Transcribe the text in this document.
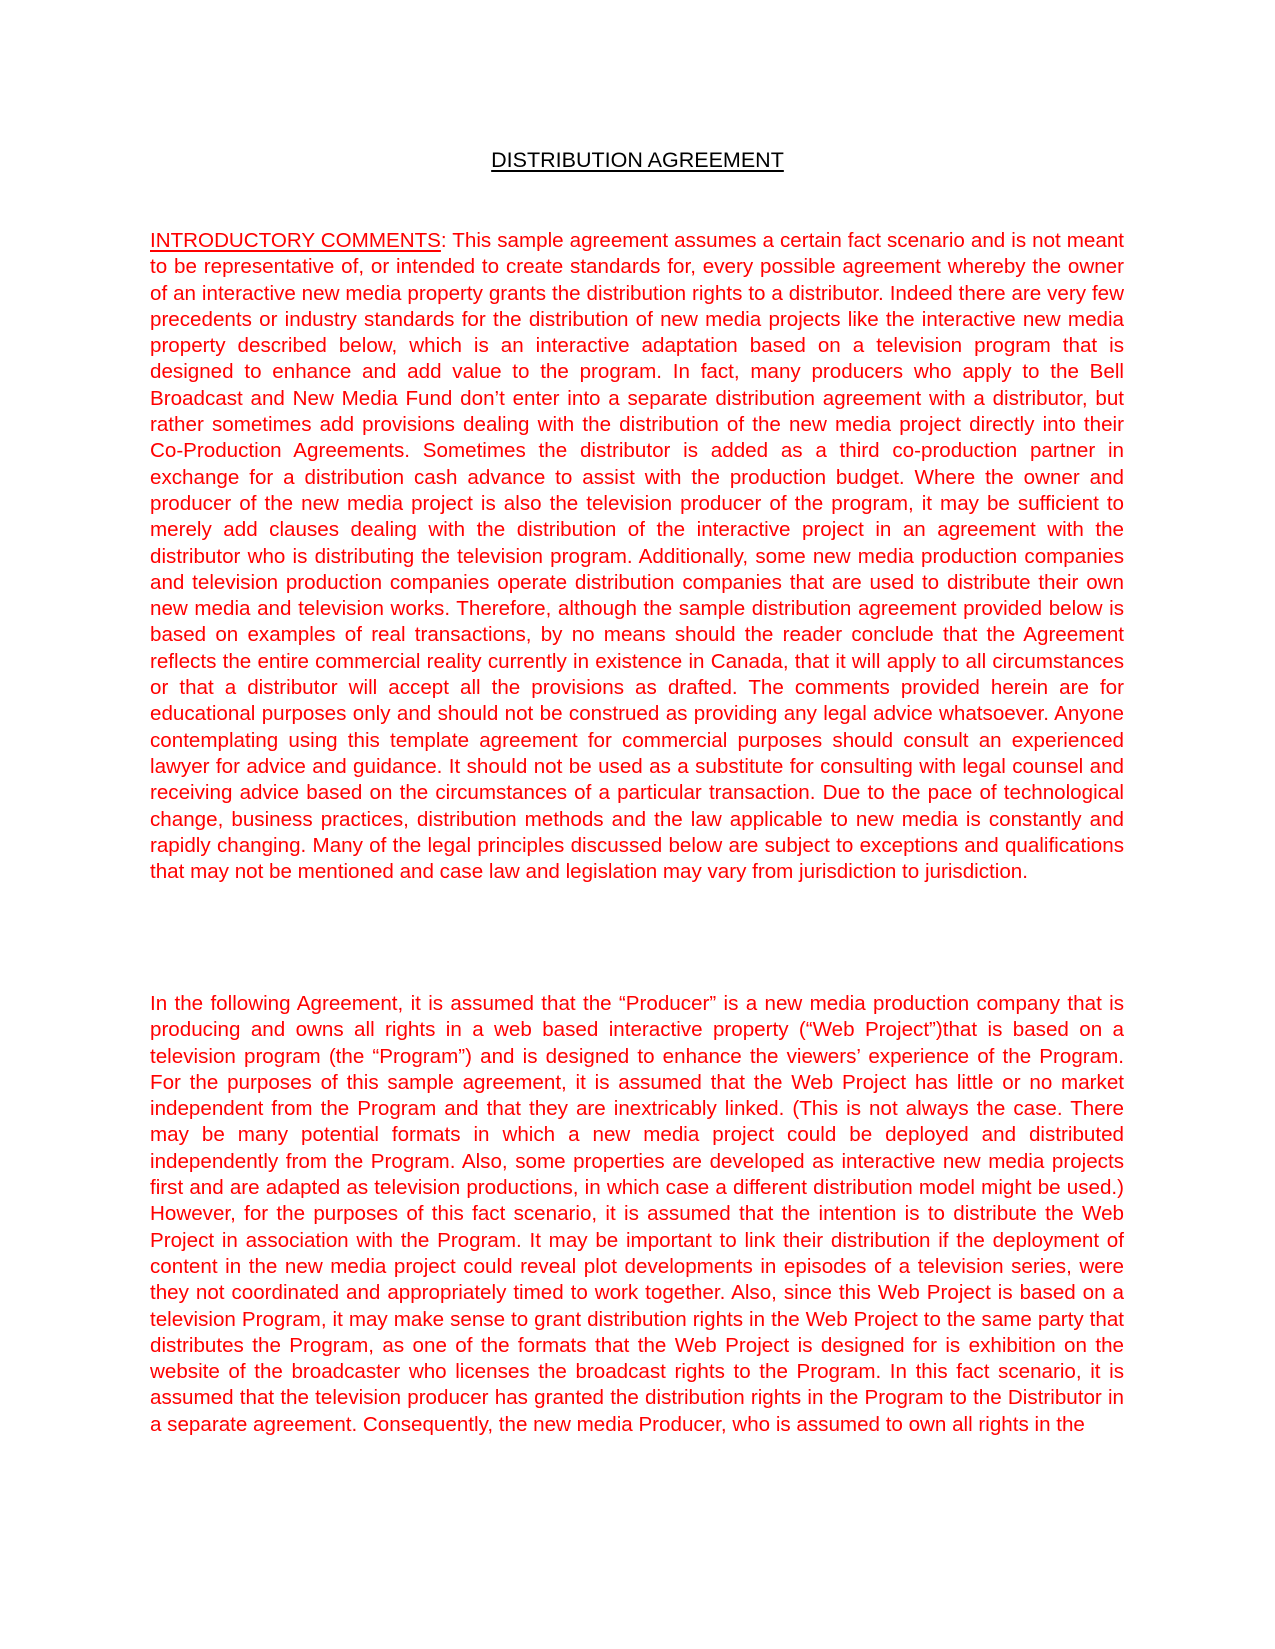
DISTRIBUTION AGREEMENT

INTRODUCTORY COMMENTS: This sample agreement assumes a certain fact scenario and is not meant to be representative of, or intended to create standards for, every possible agreement whereby the owner of an interactive new media property grants the distribution rights to a distributor. Indeed there are very few precedents or industry standards for the distribution of new media projects like the interactive new media property described below, which is an interactive adaptation based on a television program that is designed to enhance and add value to the program. In fact, many producers who apply to the Bell Broadcast and New Media Fund don’t enter into a separate distribution agreement with a distributor, but rather sometimes add provisions dealing with the distribution of the new media project directly into their Co-Production Agreements. Sometimes the distributor is added as a third co-production partner in exchange for a distribution cash advance to assist with the production budget. Where the owner and producer of the new media project is also the television producer of the program, it may be sufficient to merely add clauses dealing with the distribution of the interactive project in an agreement with the distributor who is distributing the television program. Additionally, some new media production companies and television production companies operate distribution companies that are used to distribute their own new media and television works. Therefore, although the sample distribution agreement provided below is based on examples of real transactions, by no means should the reader conclude that the Agreement reflects the entire commercial reality currently in existence in Canada, that it will apply to all circumstances or that a distributor will accept all the provisions as drafted. The comments provided herein are for educational purposes only and should not be construed as providing any legal advice whatsoever. Anyone contemplating using this template agreement for commercial purposes should consult an experienced lawyer for advice and guidance. It should not be used as a substitute for consulting with legal counsel and receiving advice based on the circumstances of a particular transaction. Due to the pace of technological change, business practices, distribution methods and the law applicable to new media is constantly and rapidly changing. Many of the legal principles discussed below are subject to exceptions and qualifications that may not be mentioned and case law and legislation may vary from jurisdiction to jurisdiction.

In the following Agreement, it is assumed that the “Producer” is a new media production company that is producing and owns all rights in a web based interactive property (“Web Project”)that is based on a television program (the “Program”) and is designed to enhance the viewers’ experience of the Program. For the purposes of this sample agreement, it is assumed that the Web Project has little or no market independent from the Program and that they are inextricably linked. (This is not always the case. There may be many potential formats in which a new media project could be deployed and distributed independently from the Program. Also, some properties are developed as interactive new media projects first and are adapted as television productions, in which case a different distribution model might be used.) However, for the purposes of this fact scenario, it is assumed that the intention is to distribute the Web Project in association with the Program. It may be important to link their distribution if the deployment of content in the new media project could reveal plot developments in episodes of a television series, were they not coordinated and appropriately timed to work together. Also, since this Web Project is based on a television Program, it may make sense to grant distribution rights in the Web Project to the same party that distributes the Program, as one of the formats that the Web Project is designed for is exhibition on the website of the broadcaster who licenses the broadcast rights to the Program. In this fact scenario, it is assumed that the television producer has granted the distribution rights in the Program to the Distributor in a separate agreement. Consequently, the new media Producer, who is assumed to own all rights in the
